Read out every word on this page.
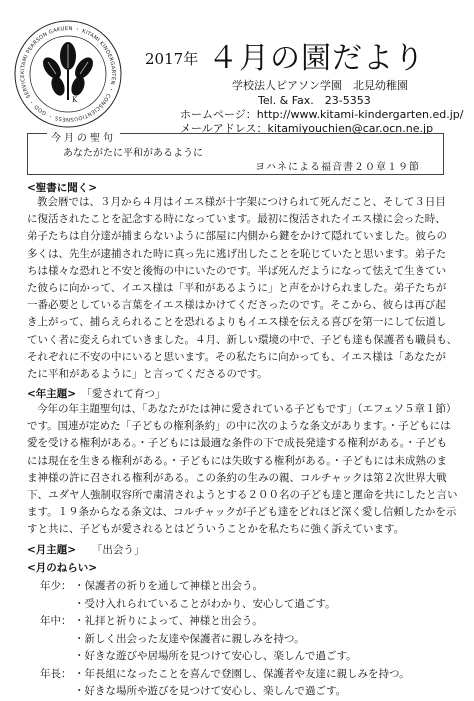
KITAMI PEARSON GAKUEN ・ KITAMI KINDERGARTEN ・ CONSCIENTIOUSNESS ・ GOD ・ SERVICE
K
2017年 ４月の園だより
学校法人ピアソン学園　北見幼稚園
Tel. & Fax.　23-5353
ホームページ：http://www.kitami-kindergarten.ed.jp/
メールアドレス：kitamiyouchien@car.ocn.ne.jp
今月の聖句
あなたがたに平和があるように
ヨハネによる福音書２０章１９節
<聖書に聞く>
教会暦では、３月から４月はイエス様が十字架につけられて死んだこと、そして３日目
に復活されたことを記念する時になっています。最初に復活されたイエス様に会った時、
弟子たちは自分達が捕まらないように部屋に内側から鍵をかけて隠れていました。彼らの
多くは、先生が逮捕された時に真っ先に逃げ出したことを恥じていたと思います。弟子た
ちは様々な恐れと不安と後悔の中にいたのです。半ば死んだようになって怯えて生きてい
た彼らに向かって、イエス様は「平和があるように」と声をかけられました。弟子たちが
一番必要としている言葉をイエス様はかけてくださったのです。そこから、彼らは再び起
き上がって、捕らえられることを恐れるよりもイエス様を伝える喜びを第一にして伝道し
ていく者に変えられていきました。４月、新しい環境の中で、子ども達も保護者も職員も、
それぞれに不安の中にいると思います。その私たちに向かっても、イエス様は「あなたが
たに平和があるように」と言ってくださるのです。
<年主題>　 「愛されて育つ」
今年の年主題聖句は、「あなたがたは神に愛されている子どもです」（エフェソ５章１節）
です。国連が定めた「子どもの権利条約」の中に次のような条文があります。・子どもには
愛を受ける権利がある。・子どもには最適な条件の下で成長発達する権利がある。・子ども
には現在を生きる権利がある。・子どもには失敗する権利がある。・子どもには未成熟のま
ま神様の許に召される権利がある。この条約の生みの親、コルチャックは第２次世界大戦
下、ユダヤ人強制収容所で粛清されようとする２００名の子ども達と運命を共にしたと言い
ます。１９条からなる条文は、コルチャックが子ども達をどれほど深く愛し信頼したかを示
すと共に、子どもが愛されるとはどういうことかを私たちに強く訴えています。
<月主題>　　 「出会う」
<月のねらい>
年少： ・保護者の祈りを通して神様と出会う。
・受け入れられていることがわかり、安心して過ごす。
年中： ・礼拝と祈りによって、神様と出会う。
・新しく出会った友達や保護者に親しみを持つ。
・好きな遊びや居場所を見つけて安心し、楽しんで過ごす。
年長： ・年長組になったことを喜んで登園し、保護者や友達に親しみを持つ。
・好きな場所や遊びを見つけて安心し、楽しんで過ごす。
